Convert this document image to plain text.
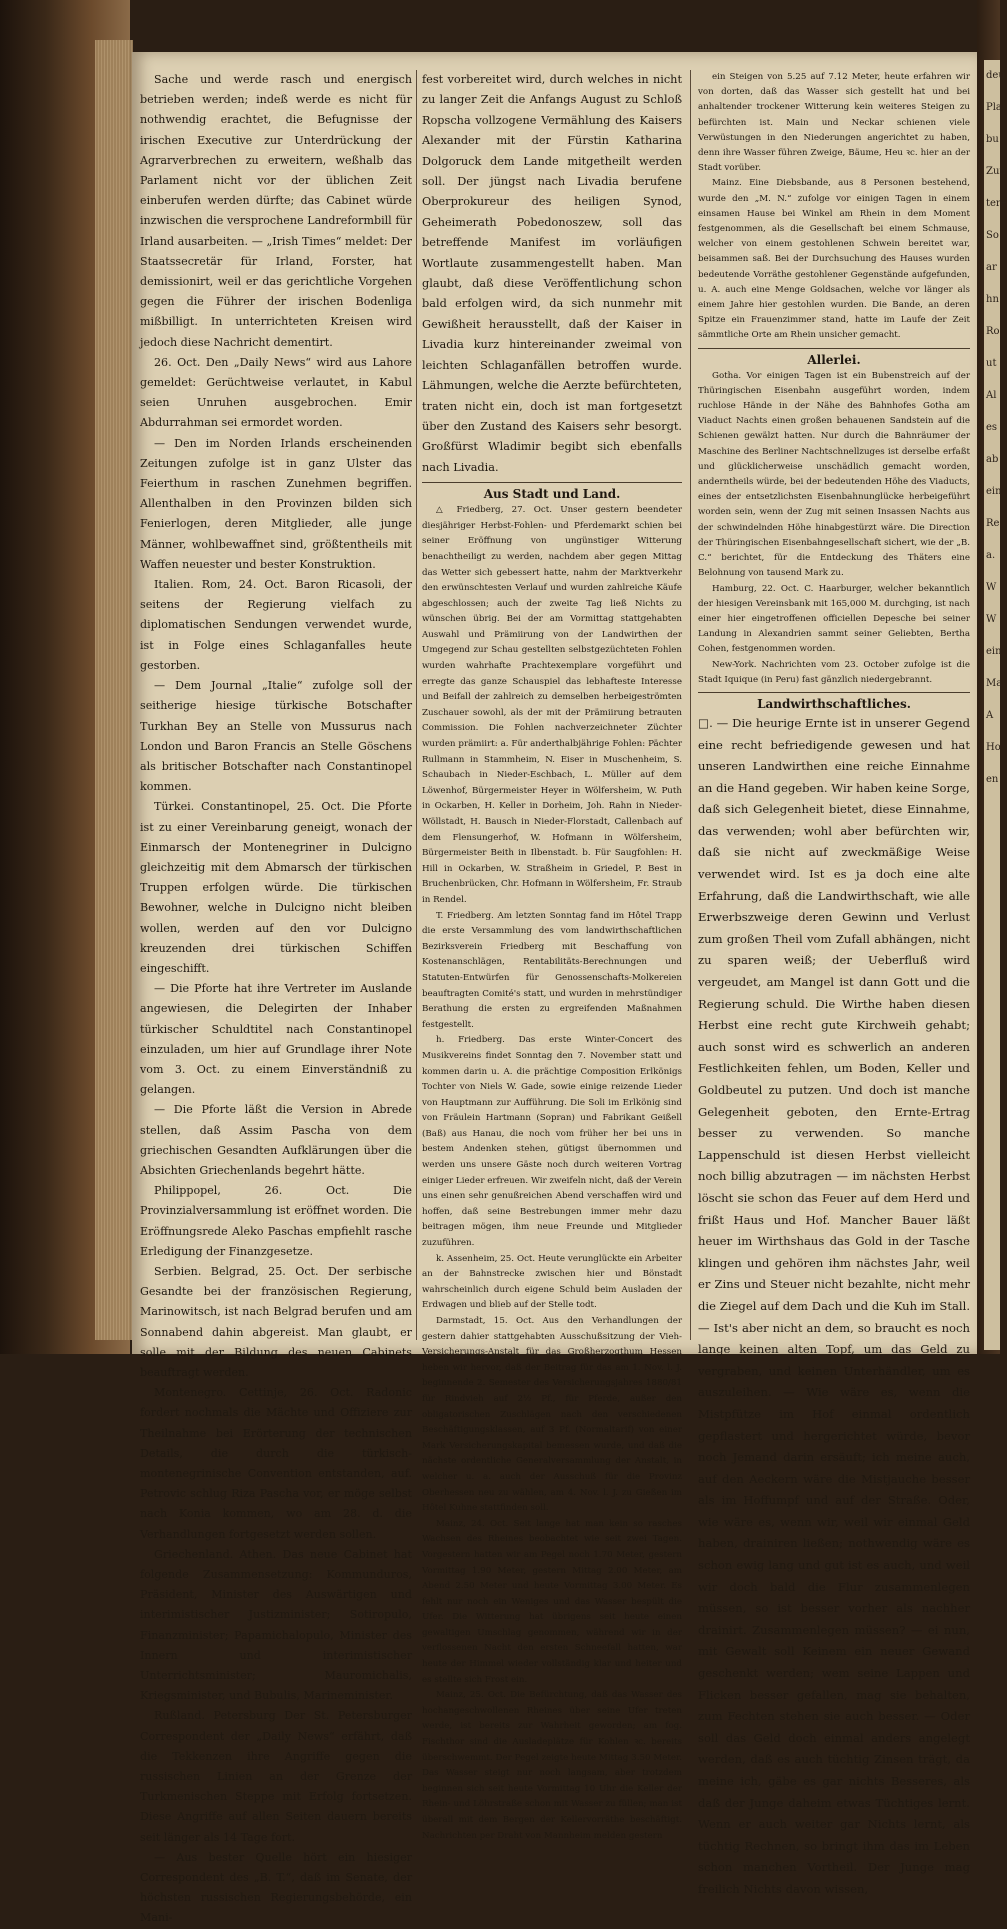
deu
Pla
bu
Zun
tere
So
ar
hn
Ro
ut
Al
es
ab
ein
Re
a.
W
W
ein
Ma
A
Ho
en

Sache und werde rasch und energisch betrieben werden; indeß werde es nicht für nothwendig erachtet, die Befugnisse der irischen Executive zur Unterdrückung der Agrarverbrechen zu erweitern, weßhalb das Parlament nicht vor der üblichen Zeit einberufen werden dürfte; das Cabinet würde inzwischen die versprochene Landreformbill für Irland ausarbeiten. — „Irish Times“ meldet: Der Staatssecretär für Irland, Forster, hat demissionirt, weil er das gerichtliche Vorgehen gegen die Führer der irischen Bodenliga mißbilligt. In unterrichteten Kreisen wird jedoch diese Nachricht dementirt.

26. Oct. Den „Daily News“ wird aus Lahore gemeldet: Gerüchtweise verlautet, in Kabul seien Unruhen ausgebrochen. Emir Abdurrahman sei ermordet worden.

— Den im Norden Irlands erscheinenden Zeitungen zufolge ist in ganz Ulster das Feierthum in raschen Zunehmen begriffen. Allenthalben in den Provinzen bilden sich Fenierlogen, deren Mitglieder, alle junge Männer, wohlbewaffnet sind, größtentheils mit Waffen neuester und bester Konstruktion.

Italien. Rom, 24. Oct. Baron Ricasoli, der seitens der Regierung vielfach zu diplomatischen Sendungen verwendet wurde, ist in Folge eines Schlaganfalles heute gestorben.

— Dem Journal „Italie“ zufolge soll der seitherige hiesige türkische Botschafter Turkhan Bey an Stelle von Mussurus nach London und Baron Francis an Stelle Göschens als britischer Botschafter nach Constantinopel kommen.

Türkei. Constantinopel, 25. Oct. Die Pforte ist zu einer Vereinbarung geneigt, wonach der Einmarsch der Montenegriner in Dulcigno gleichzeitig mit dem Abmarsch der türkischen Truppen erfolgen würde. Die türkischen Bewohner, welche in Dulcigno nicht bleiben wollen, werden auf den vor Dulcigno kreuzenden drei türkischen Schiffen eingeschifft.

— Die Pforte hat ihre Vertreter im Auslande angewiesen, die Delegirten der Inhaber türkischer Schuldtitel nach Constantinopel einzuladen, um hier auf Grundlage ihrer Note vom 3. Oct. zu einem Einverständniß zu gelangen.

— Die Pforte läßt die Version in Abrede stellen, daß Assim Pascha von dem griechischen Gesandten Aufklärungen über die Absichten Griechenlands begehrt hätte.

Philippopel, 26. Oct. Die Provinzialversammlung ist eröffnet worden. Die Eröffnungsrede Aleko Paschas empfiehlt rasche Erledigung der Finanzgesetze.

Serbien. Belgrad, 25. Oct. Der serbische Gesandte bei der französischen Regierung, Marinowitsch, ist nach Belgrad berufen und am Sonnabend dahin abgereist. Man glaubt, er solle mit der Bildung des neuen Cabinets beauftragt werden.

Montenegro. Cettinje, 26. Oct. Radonic fordert nochmals die Mächte und Offiziere zur Theilnahme bei Erörterung der technischen Details, die durch die türkisch-montenegrinische Convention entstanden, auf. Petrovic schlug Riza Pascha vor, er möge selbst nach Konia kommen, wo am 28. d. die Verhandlungen fortgesetzt werden sollen.

Griechenland. Athen. Das neue Cabinet hat folgende Zusammensetzung: Kommunduros, Präsident, Minister des Auswärtigen und interimistischer Justizminister; Sotiropulo, Finanzminister; Papamichalopulo, Minister des Innern und interimistischer Unterrichtsminister; Mauromichalis, Kriegsminister, und Bubulis, Marineminister.

Rußland. Petersburg Der St. Petersburger Correspondent der „Daily News“ erfährt, daß die Tekkenzen ihre Angriffe gegen die russischen Linien an der Grenze der Turkmenischen Steppe mit Erfolg fortsetzen. Diese Angriffe auf allen Seiten dauern bereits seit länger als 14 Tage fort.

— Aus bester Quelle hört ein hiesiger Correspondent des „B. T.“, daß im Senate, der höchsten russischen Regierungsbehörde, ein Mani-

fest vorbereitet wird, durch welches in nicht zu langer Zeit die Anfangs August zu Schloß Ropscha vollzogene Vermählung des Kaisers Alexander mit der Fürstin Katharina Dolgoruck dem Lande mitgetheilt werden soll. Der jüngst nach Livadia berufene Oberprokureur des heiligen Synod, Geheimerath Pobedonoszew, soll das betreffende Manifest im vorläufigen Wortlaute zusammengestellt haben. Man glaubt, daß diese Veröffentlichung schon bald erfolgen wird, da sich nunmehr mit Gewißheit herausstellt, daß der Kaiser in Livadia kurz hintereinander zweimal von leichten Schlaganfällen betroffen wurde. Lähmungen, welche die Aerzte befürchteten, traten nicht ein, doch ist man fortgesetzt über den Zustand des Kaisers sehr besorgt. Großfürst Wladimir begibt sich ebenfalls nach Livadia.

Aus Stadt und Land.

△ Friedberg, 27. Oct. Unser gestern beendeter diesjähriger Herbst-Fohlen- und Pferdemarkt schien bei seiner Eröffnung von ungünstiger Witterung benachtheiligt zu werden, nachdem aber gegen Mittag das Wetter sich gebessert hatte, nahm der Marktverkehr den erwünschtesten Verlauf und wurden zahlreiche Käufe abgeschlossen; auch der zweite Tag ließ Nichts zu wünschen übrig. Bei der am Vormittag stattgehabten Auswahl und Prämiirung von der Landwirthen der Umgegend zur Schau gestellten selbstgezüchteten Fohlen wurden wahrhafte Prachtexemplare vorgeführt und erregte das ganze Schauspiel das lebhafteste Interesse und Beifall der zahlreich zu demselben herbeigeströmten Zuschauer sowohl, als der mit der Prämiirung betrauten Commission. Die Fohlen nachverzeichneter Züchter wurden prämiirt: a. Für anderthalbjährige Fohlen: Pächter Rullmann in Stammheim, N. Eiser in Muschenheim, S. Schaubach in Nieder-Eschbach, L. Müller auf dem Löwenhof, Bürgermeister Heyer in Wölfersheim, W. Puth in Ockarben, H. Keller in Dorheim, Joh. Rahn in Nieder-Wöllstadt, H. Bausch in Nieder-Florstadt, Callenbach auf dem Flensungerhof, W. Hofmann in Wölfersheim, Bürgermeister Beith in Ilbenstadt. b. Für Saugfohlen: H. Hill in Ockarben, W. Straßheim in Griedel, P. Best in Bruchenbrücken, Chr. Hofmann in Wölfersheim, Fr. Straub in Rendel.

T. Friedberg. Am letzten Sonntag fand im Hôtel Trapp die erste Versammlung des vom landwirthschaftlichen Bezirksverein Friedberg mit Beschaffung von Kostenanschlägen, Rentabilitäts-Berechnungen und Statuten-Entwürfen für Genossenschafts-Molkereien beauftragten Comité's statt, und wurden in mehrstündiger Berathung die ersten zu ergreifenden Maßnahmen festgestellt.

h. Friedberg. Das erste Winter-Concert des Musikvereins findet Sonntag den 7. November statt und kommen darin u. A. die prächtige Composition Erlkönigs Tochter von Niels W. Gade, sowie einige reizende Lieder von Hauptmann zur Aufführung. Die Soli im Erlkönig sind von Fräulein Hartmann (Sopran) und Fabrikant Geißell (Baß) aus Hanau, die noch vom früher her bei uns in bestem Andenken stehen, gütigst übernommen und werden uns unsere Gäste noch durch weiteren Vortrag einiger Lieder erfreuen. Wir zweifeln nicht, daß der Verein uns einen sehr genußreichen Abend verschaffen wird und hoffen, daß seine Bestrebungen immer mehr dazu beitragen mögen, ihm neue Freunde und Mitglieder zuzuführen.

k. Assenheim, 25. Oct. Heute verunglückte ein Arbeiter an der Bahnstrecke zwischen hier und Bönstadt wahrscheinlich durch eigene Schuld beim Ausladen der Erdwagen und blieb auf der Stelle todt.

Darmstadt, 15. Oct. Aus den Verhandlungen der gestern dahier stattgehabten Ausschußsitzung der Vieh-Versicherungs-Anstalt für das Großherzogthum Hessen heben wir hervor, daß der Beitrag für das am 1. Nov. l. J. beginnende 2. Semester des Versicherungsjahres 1880/81 für Rindvieh auf 2½ Pf., für Pferde, außer den obligatorischen Zuschlägen nach den verschiedenen Beschäftigungsklassen, auf 3 Pf. (Normaltarif) von einer Mark Versicherungskapital bemessen wurde, und daß die nächste ordentliche Generalversammlung der Anstalt, in welcher u. a. auch der Ausschuß für die Provinz Oberhessen neu zu wählen, am 4. Nov. l. J. zu Gießen im Hôtel Kuhne stattfinden soll.

Mainz, 24. Oct. Seit lange hat man kein so rasches Wachsen des Rheines beobachtet wie seit zwei Tagen. Vorgestern hatten wir am Pegel noch 1.70 Meter, gestern Vormittag 1.90 Meter, gestern Mittag 2.00 Meter, am Abend 2.50 Meter und heute Vormittag 3.00 Meter. Es fehlt nur noch ein Weniges und das Wasser bespült die Ufer. Die Witterung hat übrigens seit heute einen gewaltigen Umschlag genommen, während wir in der verflossenen Nacht den ersten Schneefall hatten, war heute der Himmel wieder vollständig klar und heiter und es stellte sich Frost ein.

Mainz, 25. Oct. Die Befürchtung, daß das Wasser des hochangeschwollenen Rheines über seine Ufer treten werde, ist bereits zur Wahrheit geworden; am fog. Fischthor sind die Ausladeplätze für Kohlen ꝛc. bereits überschwemmt. Der Pegel zeigte heute Mittag 3.50 Meter. Das Wasser steigt nur noch langsam, aber trotzdem beginnen sich seit heute Vormittag 10 Uhr die Keller der Rhein- und Löhrstraße schon mit Wasser zu füllen; man ist überall mit dem Bergen der Kellervorräthe beschäftigt. Nachrichten per Draht von Mannheim melden gestern

ein Steigen von 5.25 auf 7.12 Meter, heute erfahren wir von dorten, daß das Wasser sich gestellt hat und bei anhaltender trockener Witterung kein weiteres Steigen zu befürchten ist. Main und Neckar schienen viele Verwüstungen in den Niederungen angerichtet zu haben, denn ihre Wasser führen Zweige, Bäume, Heu ꝛc. hier an der Stadt vorüber.

Mainz. Eine Diebsbande, aus 8 Personen bestehend, wurde den „M. N.“ zufolge vor einigen Tagen in einem einsamen Hause bei Winkel am Rhein in dem Moment festgenommen, als die Gesellschaft bei einem Schmause, welcher von einem gestohlenen Schwein bereitet war, beisammen saß. Bei der Durchsuchung des Hauses wurden bedeutende Vorräthe gestohlener Gegenstände aufgefunden, u. A. auch eine Menge Goldsachen, welche vor länger als einem Jahre hier gestohlen wurden. Die Bande, an deren Spitze ein Frauenzimmer stand, hatte im Laufe der Zeit sämmtliche Orte am Rhein unsicher gemacht.

Allerlei.

Gotha. Vor einigen Tagen ist ein Bubenstreich auf der Thüringischen Eisenbahn ausgeführt worden, indem ruchlose Hände in der Nähe des Bahnhofes Gotha am Viaduct Nachts einen großen behauenen Sandstein auf die Schienen gewälzt hatten. Nur durch die Bahnräumer der Maschine des Berliner Nachtschnellzuges ist derselbe erfaßt und glücklicherweise unschädlich gemacht worden, anderntheils würde, bei der bedeutenden Höhe des Viaducts, eines der entsetzlichsten Eisenbahnunglücke herbeigeführt worden sein, wenn der Zug mit seinen Insassen Nachts aus der schwindelnden Höhe hinabgestürzt wäre. Die Direction der Thüringischen Eisenbahngesellschaft sichert, wie der „B. C.“ berichtet, für die Entdeckung des Thäters eine Belohnung von tausend Mark zu.

Hamburg, 22. Oct. C. Haarburger, welcher bekanntlich der hiesigen Vereinsbank mit 165,000 M. durchging, ist nach einer hier eingetroffenen officiellen Depesche bei seiner Landung in Alexandrien sammt seiner Geliebten, Bertha Cohen, festgenommen worden.

New-York. Nachrichten vom 23. October zufolge ist die Stadt Iquique (in Peru) fast gänzlich niedergebrannt.

Landwirthschaftliches.

□. — Die heurige Ernte ist in unserer Gegend eine recht befriedigende gewesen und hat unseren Landwirthen eine reiche Einnahme an die Hand gegeben. Wir haben keine Sorge, daß sich Gelegenheit bietet, diese Einnahme, das verwenden; wohl aber befürchten wir, daß sie nicht auf zweckmäßige Weise verwendet wird. Ist es ja doch eine alte Erfahrung, daß die Landwirthschaft, wie alle Erwerbszweige deren Gewinn und Verlust zum großen Theil vom Zufall abhängen, nicht zu sparen weiß; der Ueberfluß wird vergeudet, am Mangel ist dann Gott und die Regierung schuld. Die Wirthe haben diesen Herbst eine recht gute Kirchweih gehabt; auch sonst wird es schwerlich an anderen Festlichkeiten fehlen, um Boden, Keller und Goldbeutel zu putzen. Und doch ist manche Gelegenheit geboten, den Ernte-Ertrag besser zu verwenden. So manche Lappenschuld ist diesen Herbst vielleicht noch billig abzutragen — im nächsten Herbst löscht sie schon das Feuer auf dem Herd und frißt Haus und Hof. Mancher Bauer läßt heuer im Wirthshaus das Gold in der Tasche klingen und gehören ihm nächstes Jahr, weil er Zins und Steuer nicht bezahlte, nicht mehr die Ziegel auf dem Dach und die Kuh im Stall. — Ist's aber nicht an dem, so braucht es noch lange keinen alten Topf, um das Geld zu vergraben, und keinen Unterhändler, um es auszuleihen. — Wie wäre es, wenn die Mistpfütze im Hof einmal ordentlich gepflastert und hergerichtet würde, bevor noch Jemand darin ersäuft; ich meine auch, auf den Aeckern wäre die Mistjauche besser als im Hoffumpf und auf der Straße. Oder, wie wäre es, wenn wir, weil wir einmal Geld haben, drainiren ließen; nothwendig wäre es schon ewig lang und gut ist es auch, und weil wir doch bald die Flur zusammenlegen müssen, so ist besser vorher als nachher drainirt. Zusammenlegen müssen? — ei nun, mit Gewalt soll Keinem ein neuer Gewand geschenkt werden; wem seine Lappen und Flicken besser gefallen, mag sie behalten, zum Fechten stehen sie auch besser. — Oder soll das Geld doch einmal anders angelegt werden, daß es auch tüchtig Zinsen trägt, da meine ich, gäbe es gar nichts Besseres, als daß der Junge daheim etwas Tüchtiges lernt. Wenn er auch weiter gar Nichts lernt, als tüchtig Rechnen, so bringt ihm das im Leben schon manchen Vortheil. Der Junge mag freilich Nichts davon wissen,
